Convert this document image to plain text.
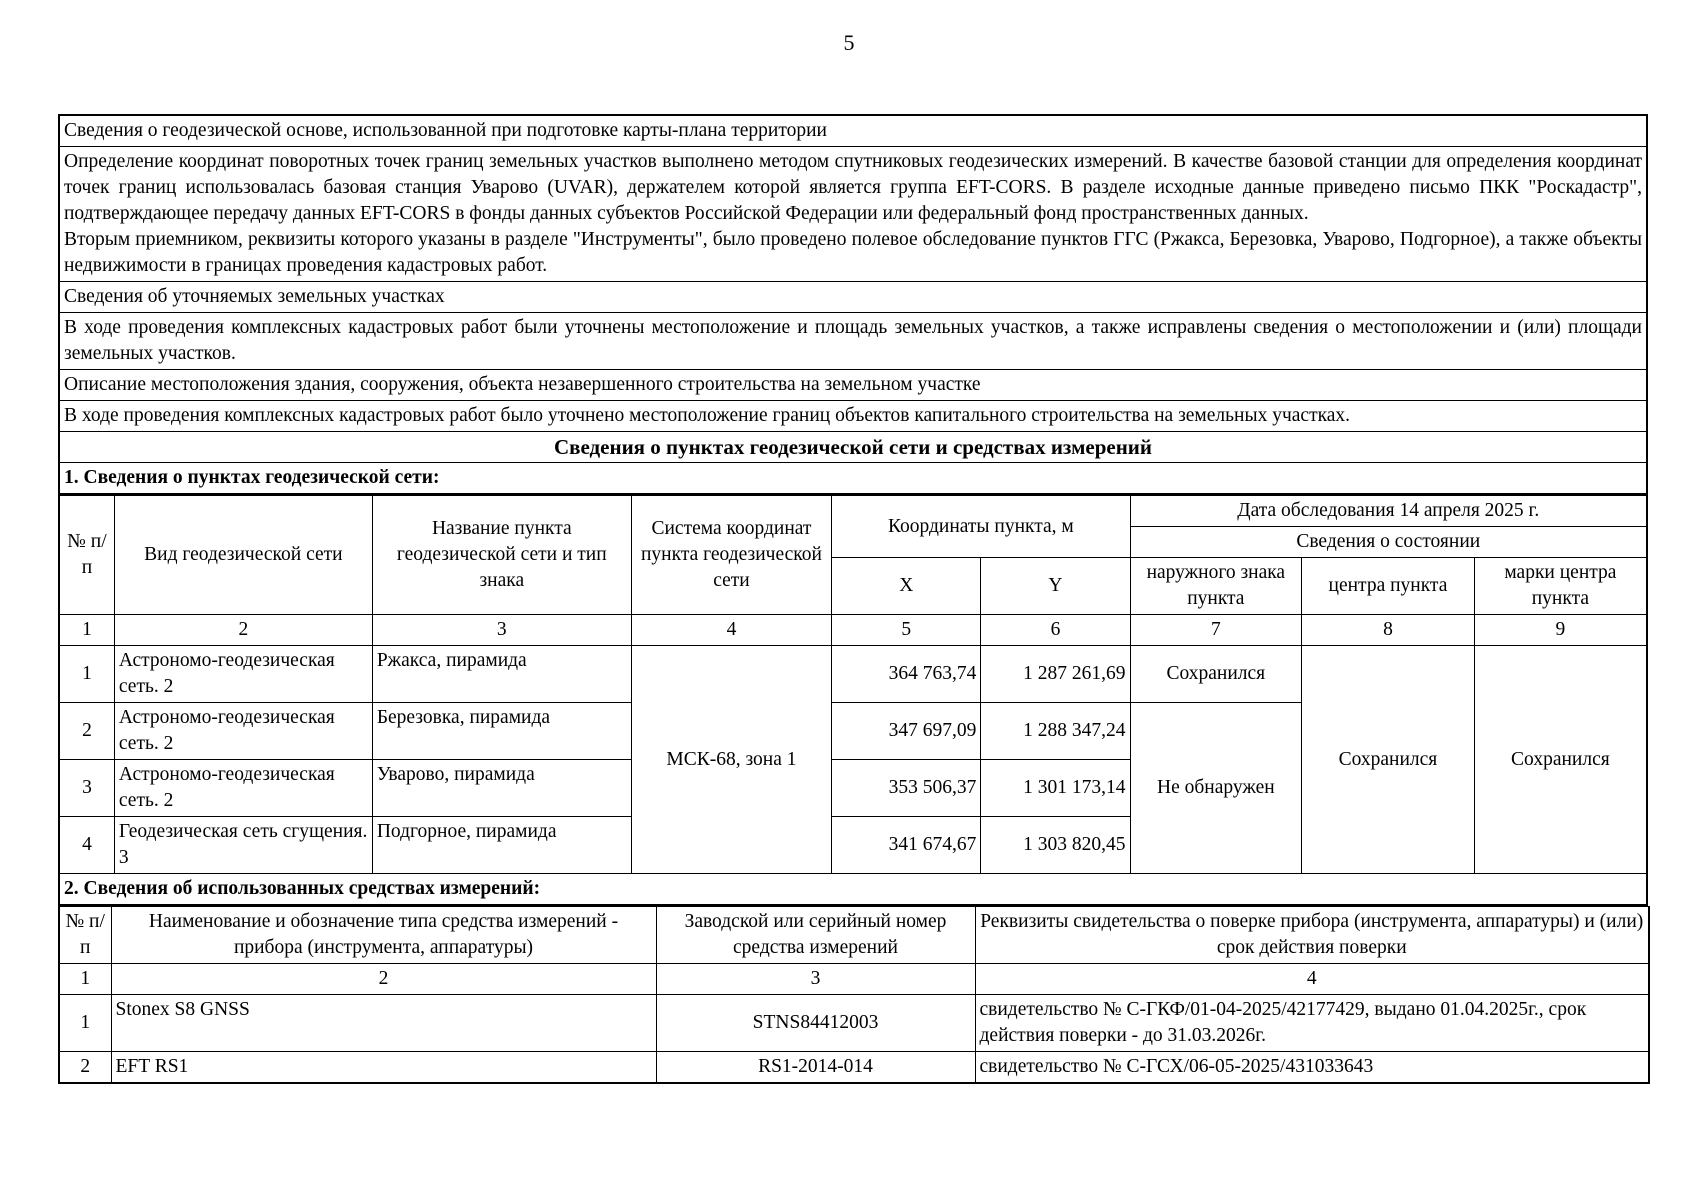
5
Сведения о геодезической основе, использованной при подготовке карты-плана территории

Определение координат поворотных точек границ земельных участков выполнено методом спутниковых геодезических измерений. В качестве базовой станции для определения координат точек границ использовалась базовая станция Уварово (UVAR), держателем которой является группа EFT-CORS. В разделе исходные данные приведено письмо ПКК "Роскадастр", подтверждающее передачу данных EFT-CORS в фонды данных субъектов Российской Федерации или федеральный фонд пространственных данных.
Вторым приемником, реквизиты которого указаны в разделе "Инструменты", было проведено полевое обследование пунктов ГГС (Ржакса, Березовка, Уварово, Подгорное), а также объекты недвижимости в границах проведения кадастровых работ.

Сведения об уточняемых земельных участках
В ходе проведения комплексных кадастровых работ были уточнены местоположение и площадь земельных участков, а также исправлены сведения о местоположении и (или) площади земельных участков.
Описание местоположения здания, сооружения, объекта незавершенного строительства на земельном участке
В ходе проведения комплексных кадастровых работ было уточнено местоположение границ объектов капитального строительства на земельных участках.
Сведения о пунктах геодезической сети и средствах измерений
1. Сведения о пунктах геодезической сети:
№ п/п	Вид геодезической сети	Название пункта геодезической сети и тип знака	Система координат пункта геодезической сети	Координаты пункта, м		Дата обследования 14 апреля 2025 г.		
						Сведения о состоянии		
				X	Y	наружного знака пункта	центра пункта	марки центра пункта
1	2	3	4	5	6	7	8	9
1	Астрономо-геодезическая сеть. 2	Ржакса, пирамида	МСК-68, зона 1	364 763,74	1 287 261,69	Сохранился	Сохранился	Сохранился
2	Астрономо-геодезическая сеть. 2	Березовка, пирамида		347 697,09	1 288 347,24	Не обнаружен		
3	Астрономо-геодезическая сеть. 2	Уварово, пирамида		353 506,37	1 301 173,14			
4	Геодезическая сеть сгущения. 3	Подгорное, пирамида		341 674,67	1 303 820,45			
2. Сведения об использованных средствах измерений:								
№ п/п	Наименование и обозначение типа средства измерений - прибора (инструмента, аппаратуры)	Заводской или серийный номер средства измерений	Реквизиты свидетельства о поверке прибора (инструмента, аппаратуры) и (или) срок действия поверки
1	2	3	4
1	Stonex S8 GNSS	STNS84412003	свидетельство № С-ГКФ/01-04-2025/42177429, выдано 01.04.2025г., срок действия поверки - до 31.03.2026г.
2	EFT RS1	RS1-2014-014	свидетельство № С-ГСХ/06-05-2025/431033643
